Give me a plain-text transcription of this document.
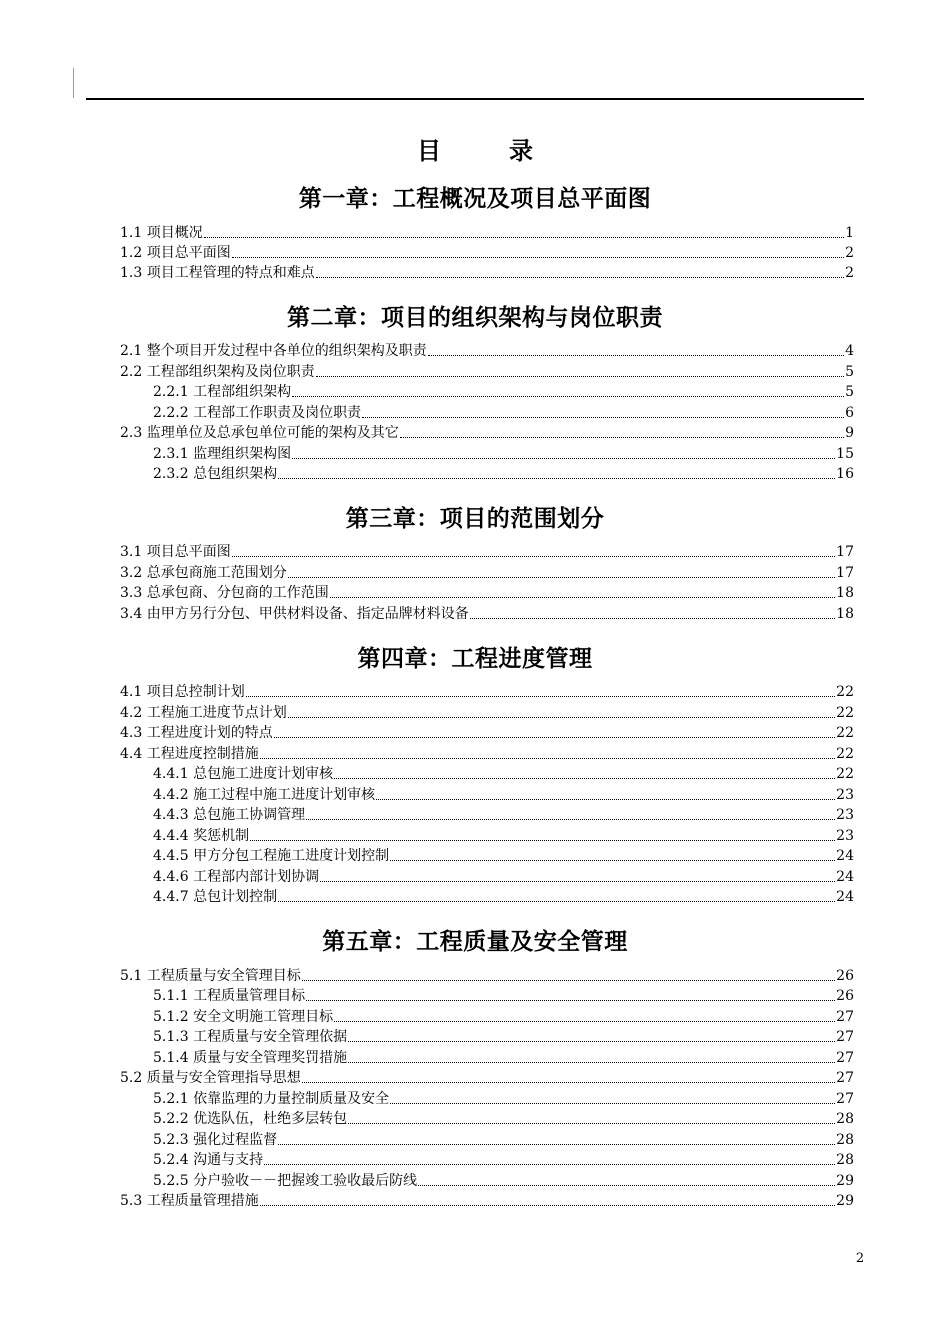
目　录
第一章：工程概况及项目总平面图
1.1 项目概况	1
1.2 项目总平面图	2
1.3 项目工程管理的特点和难点	2
第二章：项目的组织架构与岗位职责
2.1 整个项目开发过程中各单位的组织架构及职责	4
2.2 工程部组织架构及岗位职责	5
2.2.1 工程部组织架构	5
2.2.2 工程部工作职责及岗位职责	6
2.3 监理单位及总承包单位可能的架构及其它	9
2.3.1 监理组织架构图	15
2.3.2 总包组织架构	16
第三章：项目的范围划分
3.1 项目总平面图	17
3.2 总承包商施工范围划分	17
3.3 总承包商、分包商的工作范围	18
3.4 由甲方另行分包、甲供材料设备、指定品牌材料设备	18
第四章：工程进度管理
4.1 项目总控制计划	22
4.2 工程施工进度节点计划	22
4.3 工程进度计划的特点	22
4.4 工程进度控制措施	22
4.4.1 总包施工进度计划审核	22
4.4.2 施工过程中施工进度计划审核	23
4.4.3 总包施工协调管理	23
4.4.4 奖惩机制	23
4.4.5 甲方分包工程施工进度计划控制	24
4.4.6 工程部内部计划协调	24
4.4.7 总包计划控制	24
第五章：工程质量及安全管理
5.1 工程质量与安全管理目标	26
5.1.1 工程质量管理目标	26
5.1.2 安全文明施工管理目标	27
5.1.3 工程质量与安全管理依据	27
5.1.4 质量与安全管理奖罚措施	27
5.2 质量与安全管理指导思想	27
5.2.1 依靠监理的力量控制质量及安全	27
5.2.2 优选队伍，杜绝多层转包	28
5.2.3 强化过程监督	28
5.2.4 沟通与支持	28
5.2.5 分户验收－－把握竣工验收最后防线	29
5.3 工程质量管理措施	29
2
